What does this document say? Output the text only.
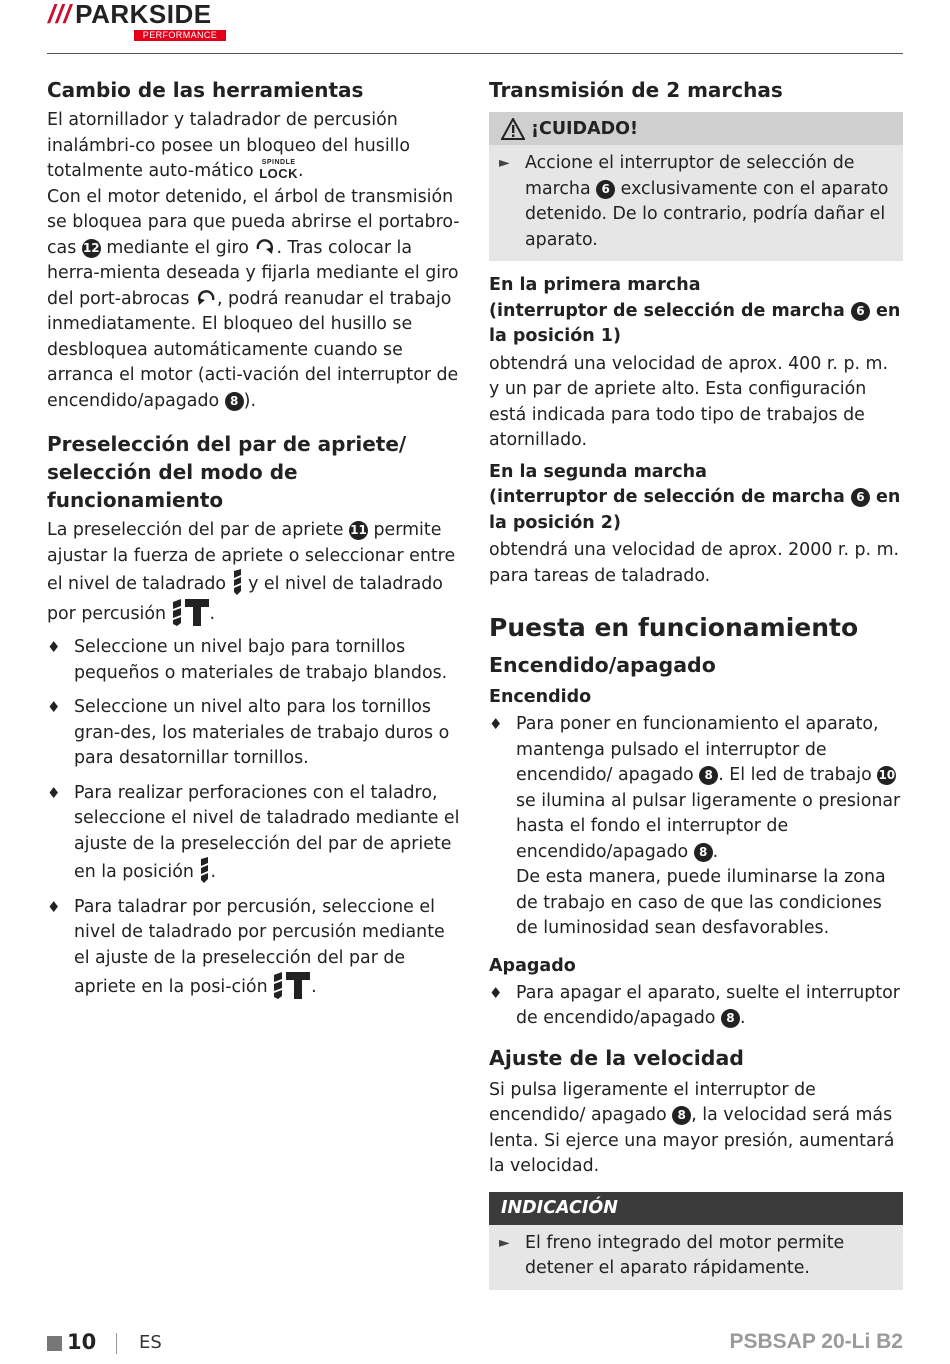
/// PARKSIDE
PERFORMANCE
Cambio de las herramientas

El atornillador y taladrador de percusión inalámbri-co posee un bloqueo del husillo totalmente auto-mático	SPINDLE
LOCK .

Con el motor detenido, el árbol de transmisión se bloquea para que pueda abrirse el portabro-cas 12 mediante el giro . Tras colocar la herra-mienta deseada y fijarla mediante el giro del port-abrocas , podrá reanudar el trabajo inmediatamente. El bloqueo del husillo se desbloquea automáticamente cuando se arranca el motor (acti-vación del interruptor de encendido/apagado 8 ).

Preselección del par de apriete/ selección del modo de funcionamiento

La preselección del par de apriete 11 permite ajustar la fuerza de apriete o seleccionar entre el nivel de taladrado y el nivel de taladrado por percusión	.

♦ Seleccione un nivel bajo para tornillos pequeños o materiales de trabajo blandos.
♦ Seleccione un nivel alto para los tornillos gran-des, los materiales de trabajo duros o para desatornillar tornillos.
♦ Para realizar perforaciones con el taladro, seleccione el nivel de taladrado mediante el ajuste de la preselección del par de apriete en la posición .
♦ Para taladrar por percusión, seleccione el nivel de taladrado por percusión mediante el ajuste de la preselección del par de apriete en la posi-ción	.
Transmisión de 2 marchas
¡CUIDADO!
► Accione el interruptor de selección de marcha 6 exclusivamente con el aparato detenido. De lo contrario, podría dañar el aparato.
En la primera marcha
(interruptor de selección de marcha 6 en la posición 1)

obtendrá una velocidad de aprox. 400 r. p. m. y un par de apriete alto. Esta configuración está indicada para todo tipo de trabajos de atornillado.

En la segunda marcha
(interruptor de selección de marcha 6 en la posición 2)

obtendrá una velocidad de aprox. 2000 r. p. m. para tareas de taladrado.

Puesta en funcionamiento
Encendido/apagado
Encendido
♦ Para poner en funcionamiento el aparato, mantenga pulsado el interruptor de encendido/ apagado 8 . El led de trabajo 10 se ilumina al pulsar ligeramente o presionar hasta el fondo el interruptor de encendido/apagado 8 .
De esta manera, puede iluminarse la zona de trabajo en caso de que las condiciones de luminosidad sean desfavorables.
Apagado
♦ Para apagar el aparato, suelte el interruptor de encendido/apagado 8 .
Ajuste de la velocidad

Si pulsa ligeramente el interruptor de encendido/ apagado 8 , la velocidad será más lenta. Si ejerce una mayor presión, aumentará la velocidad.

INDICACIÓN
► El freno integrado del motor permite detener el aparato rápidamente.
10 ES	PSBSAP 20-Li B2
